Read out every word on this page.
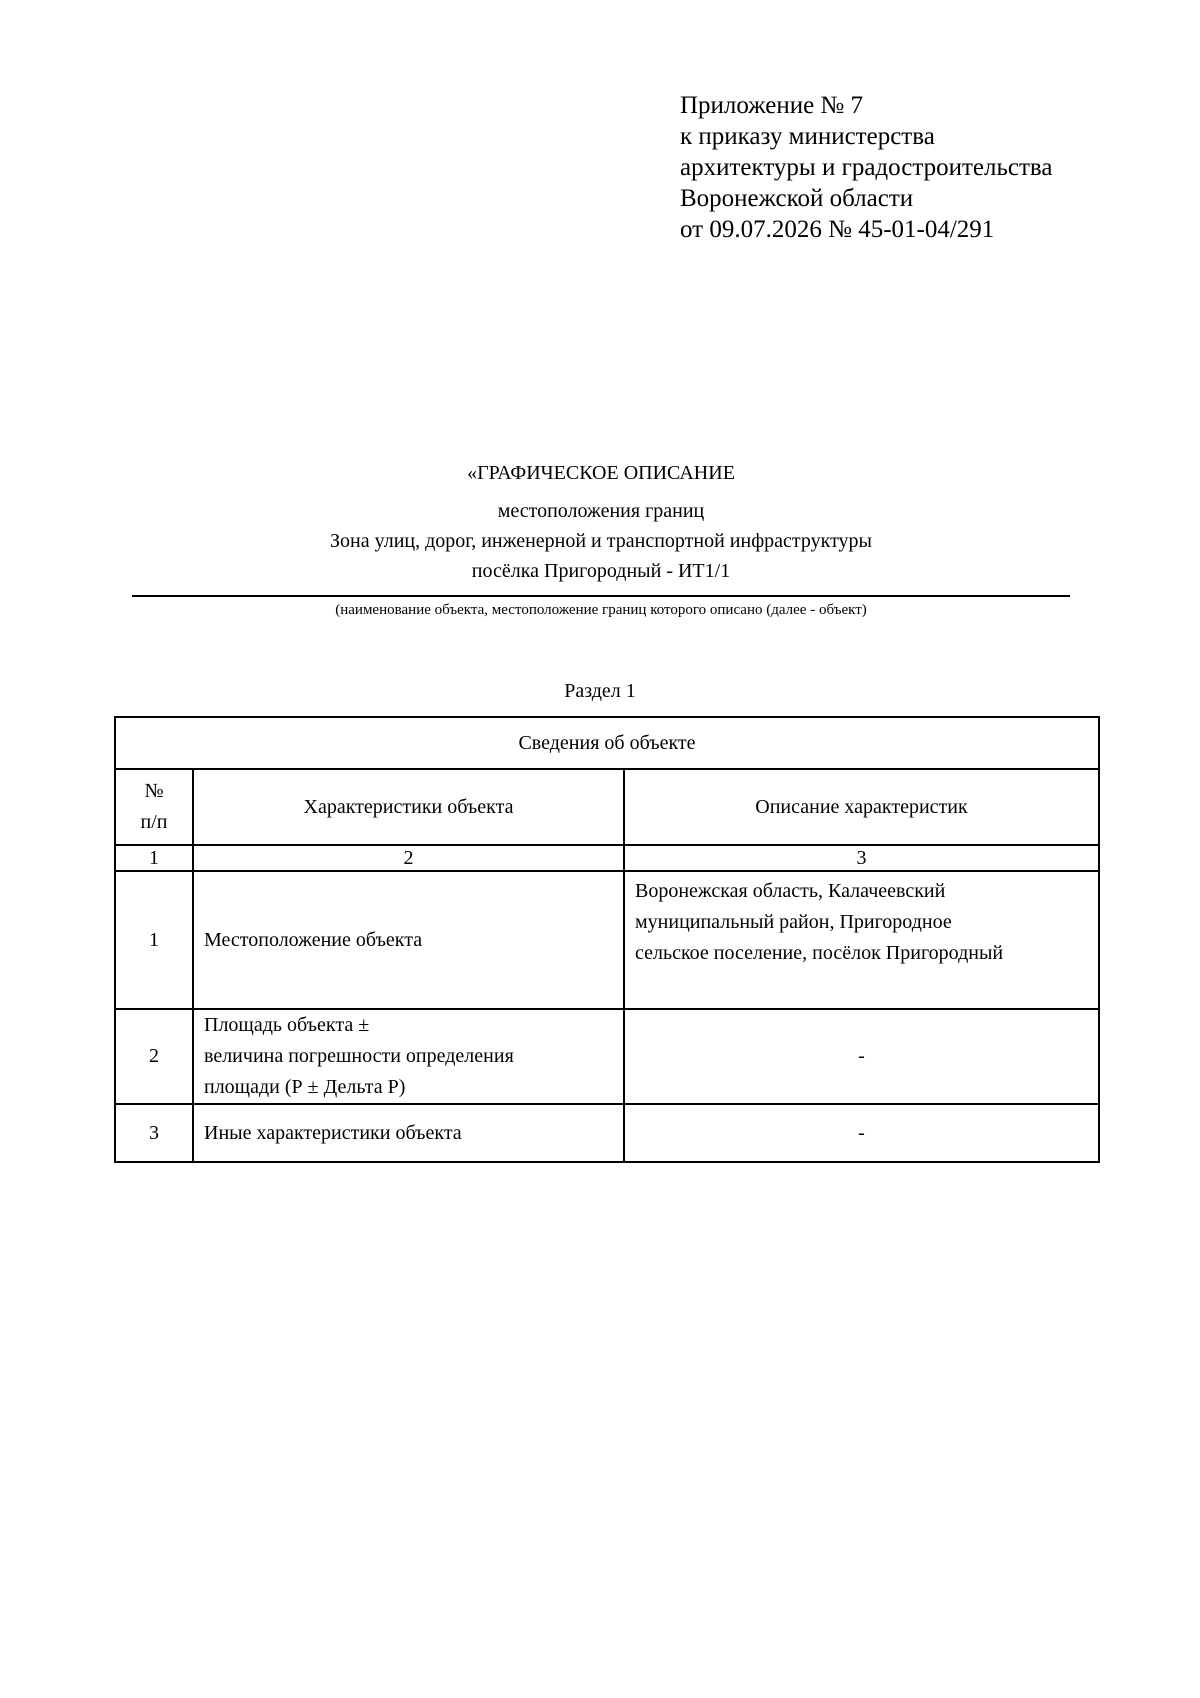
Приложение № 7
к приказу министерства
архитектуры и градостроительства
Воронежской области
от 09.07.2026 № 45-01-04/291
«ГРАФИЧЕСКОЕ ОПИСАНИЕ
местоположения границ
Зона улиц, дорог, инженерной и транспортной инфраструктуры
посёлка Пригородный - ИТ1/1
(наименование объекта, местоположение границ которого описано (далее - объект)
Раздел 1
Сведения об объекте		

№
п/п	Характеристики объекта	Описание характеристик
1	2	3
1	Местоположение объекта	Воронежская область, Калачеевский
муниципальный район, Пригородное
сельское поселение, посёлок Пригородный

2	Площадь объекта ±
величина погрешности определения
площади (Р ± Дельта Р)	-

3	Иные характеристики объекта	-
